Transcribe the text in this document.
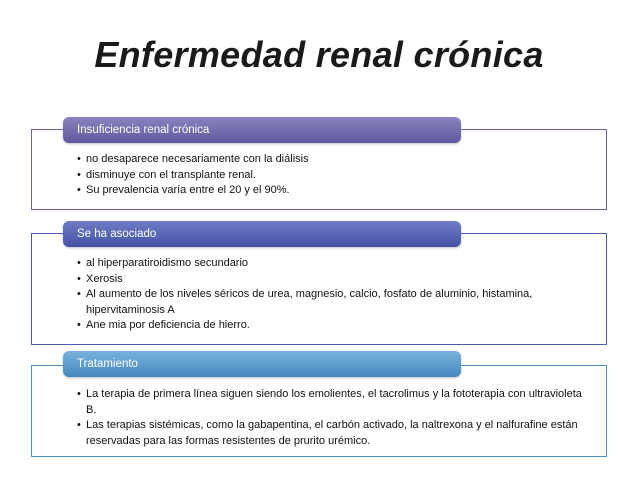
Enfermedad renal crónica
Insuficiencia renal crónica
• no desaparece necesariamente con la diálisis
• disminuye con el transplante renal.
• Su prevalencia varía entre el 20 y el 90%.
Se ha asociado
• al hiperparatiroidismo secundario
• Xerosis
• Al aumento de los niveles séricos de urea, magnesio, calcio, fosfato de aluminio, histamina, hipervitaminosis A
• Ane mia por deficiencia de hierro.
Tratamiento
• La terapia de primera línea siguen siendo los emolientes, el tacrolimus y la fototerapia con ultravioleta B.
• Las terapias sistémicas, como la gabapentina, el carbón activado, la naltrexona y el nalfurafine están reservadas para las formas resistentes de prurito urémico.
